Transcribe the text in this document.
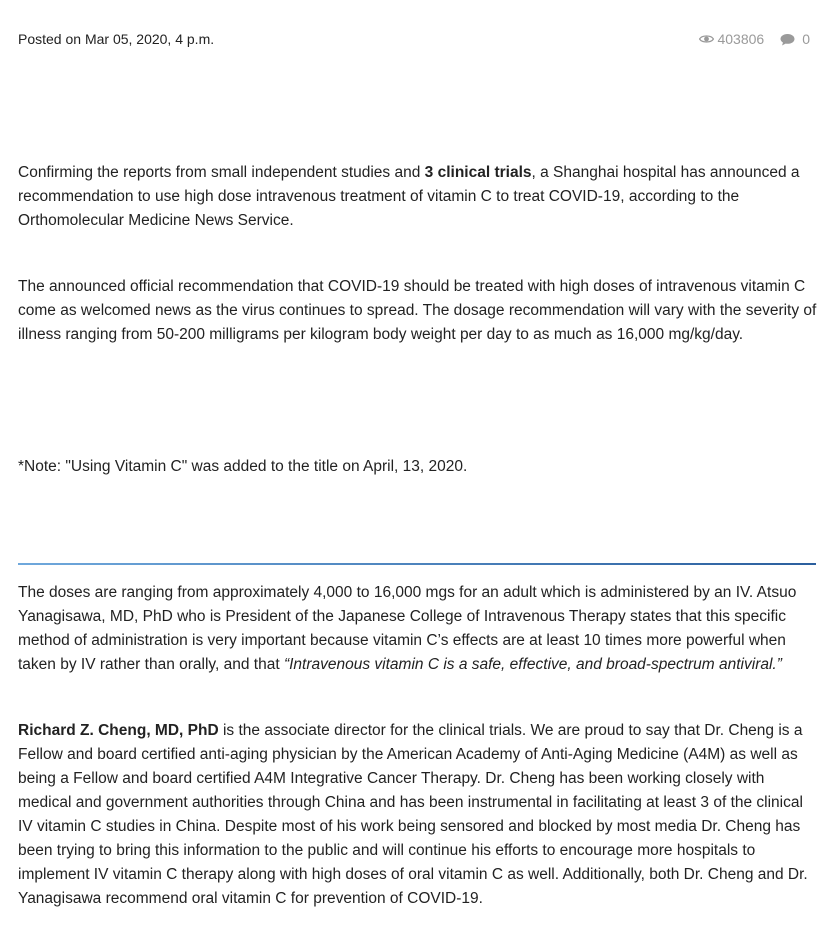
Posted on Mar 05, 2020, 4 p.m.	403806	0

Confirming the reports from small independent studies and 3 clinical trials, a Shanghai hospital has announced a recommendation to use high dose intravenous treatment of vitamin C to treat COVID-19, according to the Orthomolecular Medicine News Service.

The announced official recommendation that COVID-19 should be treated with high doses of intravenous vitamin C come as welcomed news as the virus continues to spread. The dosage recommendation will vary with the severity of illness ranging from 50-200 milligrams per kilogram body weight per day to as much as 16,000 mg/kg/day.

*Note: "Using Vitamin C" was added to the title on April, 13, 2020.

The doses are ranging from approximately 4,000 to 16,000 mgs for an adult which is administered by an IV. Atsuo Yanagisawa, MD, PhD who is President of the Japanese College of Intravenous Therapy states that this specific method of administration is very important because vitamin C’s effects are at least 10 times more powerful when taken by IV rather than orally, and that “Intravenous vitamin C is a safe, effective, and broad-spectrum antiviral.”

Richard Z. Cheng, MD, PhD is the associate director for the clinical trials. We are proud to say that Dr. Cheng is a Fellow and board certified anti-aging physician by the American Academy of Anti-Aging Medicine (A4M) as well as being a Fellow and board certified A4M Integrative Cancer Therapy. Dr. Cheng has been working closely with medical and government authorities through China and has been instrumental in facilitating at least 3 of the clinical IV vitamin C studies in China. Despite most of his work being sensored and blocked by most media Dr. Cheng has been trying to bring this information to the public and will continue his efforts to encourage more hospitals to implement IV vitamin C therapy along with high doses of oral vitamin C as well. Additionally, both Dr. Cheng and Dr. Yanagisawa recommend oral vitamin C for prevention of COVID-19.
